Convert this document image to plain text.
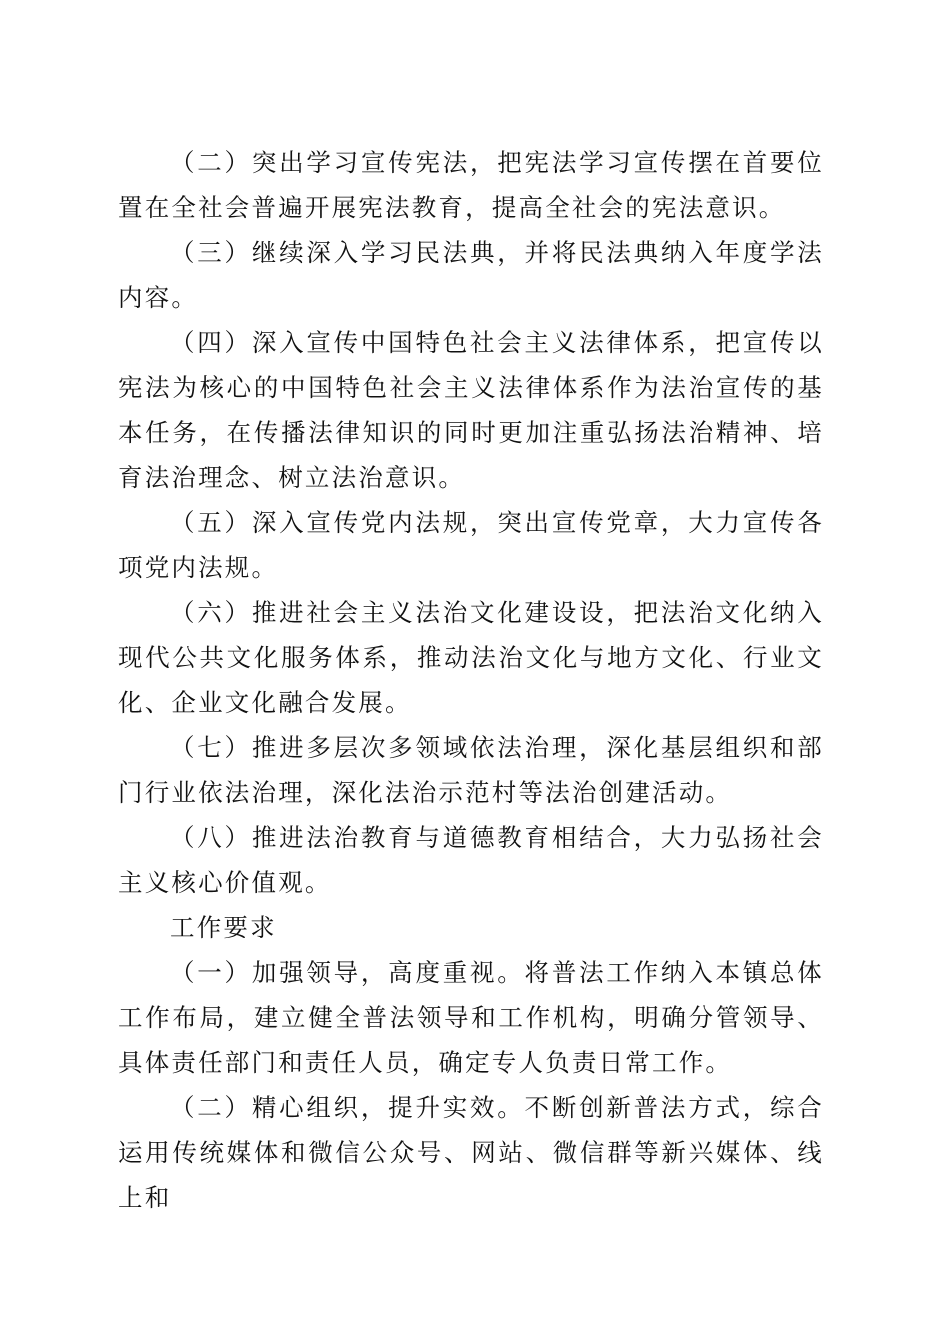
（二）突出学习宣传宪法，把宪法学习宣传摆在首要位置在全社会普遍开展宪法教育，提高全社会的宪法意识。

（三）继续深入学习民法典，并将民法典纳入年度学法内容。

（四）深入宣传中国特色社会主义法律体系，把宣传以宪法为核心的中国特色社会主义法律体系作为法治宣传的基本任务，在传播法律知识的同时更加注重弘扬法治精神、培育法治理念、树立法治意识。

（五）深入宣传党内法规，突出宣传党章，大力宣传各项党内法规。

（六）推进社会主义法治文化建设设，把法治文化纳入现代公共文化服务体系，推动法治文化与地方文化、行业文化、企业文化融合发展。

（七）推进多层次多领域依法治理，深化基层组织和部门行业依法治理，深化法治示范村等法治创建活动。

（八）推进法治教育与道德教育相结合，大力弘扬社会主义核心价值观。

工作要求

（一）加强领导，高度重视。将普法工作纳入本镇总体工作布局，建立健全普法领导和工作机构，明确分管领导、具体责任部门和责任人员，确定专人负责日常工作。

（二）精心组织，提升实效。不断创新普法方式，综合运用传统媒体和微信公众号、网站、微信群等新兴媒体、线上和
